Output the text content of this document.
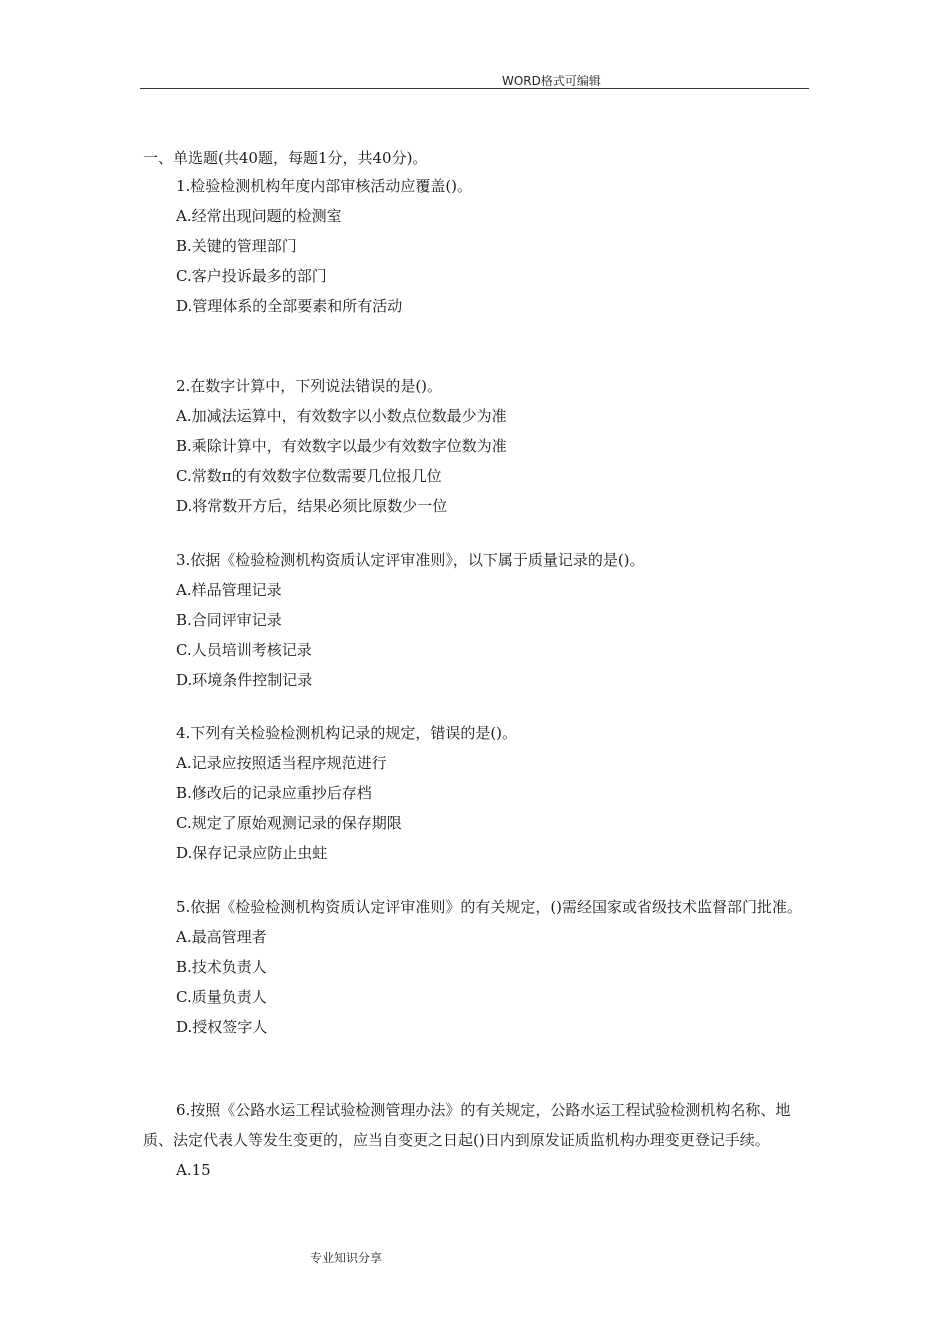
WORD格式可编辑
一、单选题(共40题，每题1分，共40分)。

1.检验检测机构年度内部审核活动应覆盖()。

A.经常出现问题的检测室
B.关键的管理部门
C.客户投诉最多的部门
D.管理体系的全部要素和所有活动

2.在数字计算中，下列说法错误的是()。

A.加减法运算中，有效数字以小数点位数最少为准
B.乘除计算中，有效数字以最少有效数字位数为准
C.常数π的有效数字位数需要几位报几位
D.将常数开方后，结果必须比原数少一位

3.依据《检验检测机构资质认定评审准则》，以下属于质量记录的是()。

A.样品管理记录
B.合同评审记录
C.人员培训考核记录
D.环境条件控制记录

4.下列有关检验检测机构记录的规定，错误的是()。

A.记录应按照适当程序规范进行
B.修改后的记录应重抄后存档
C.规定了原始观测记录的保存期限
D.保存记录应防止虫蛀

5.依据《检验检测机构资质认定评审准则》的有关规定，()需经国家或省级技术监督部门批准。

A.最高管理者
B.技术负责人
C.质量负责人
D.授权签字人

6.按照《公路水运工程试验检测管理办法》的有关规定，公路水运工程试验检测机构名称、地质、法定代表人等发生变更的，应当自变更之日起()日内到原发证质监机构办理变更登记手续。

A.15
专业知识分享
